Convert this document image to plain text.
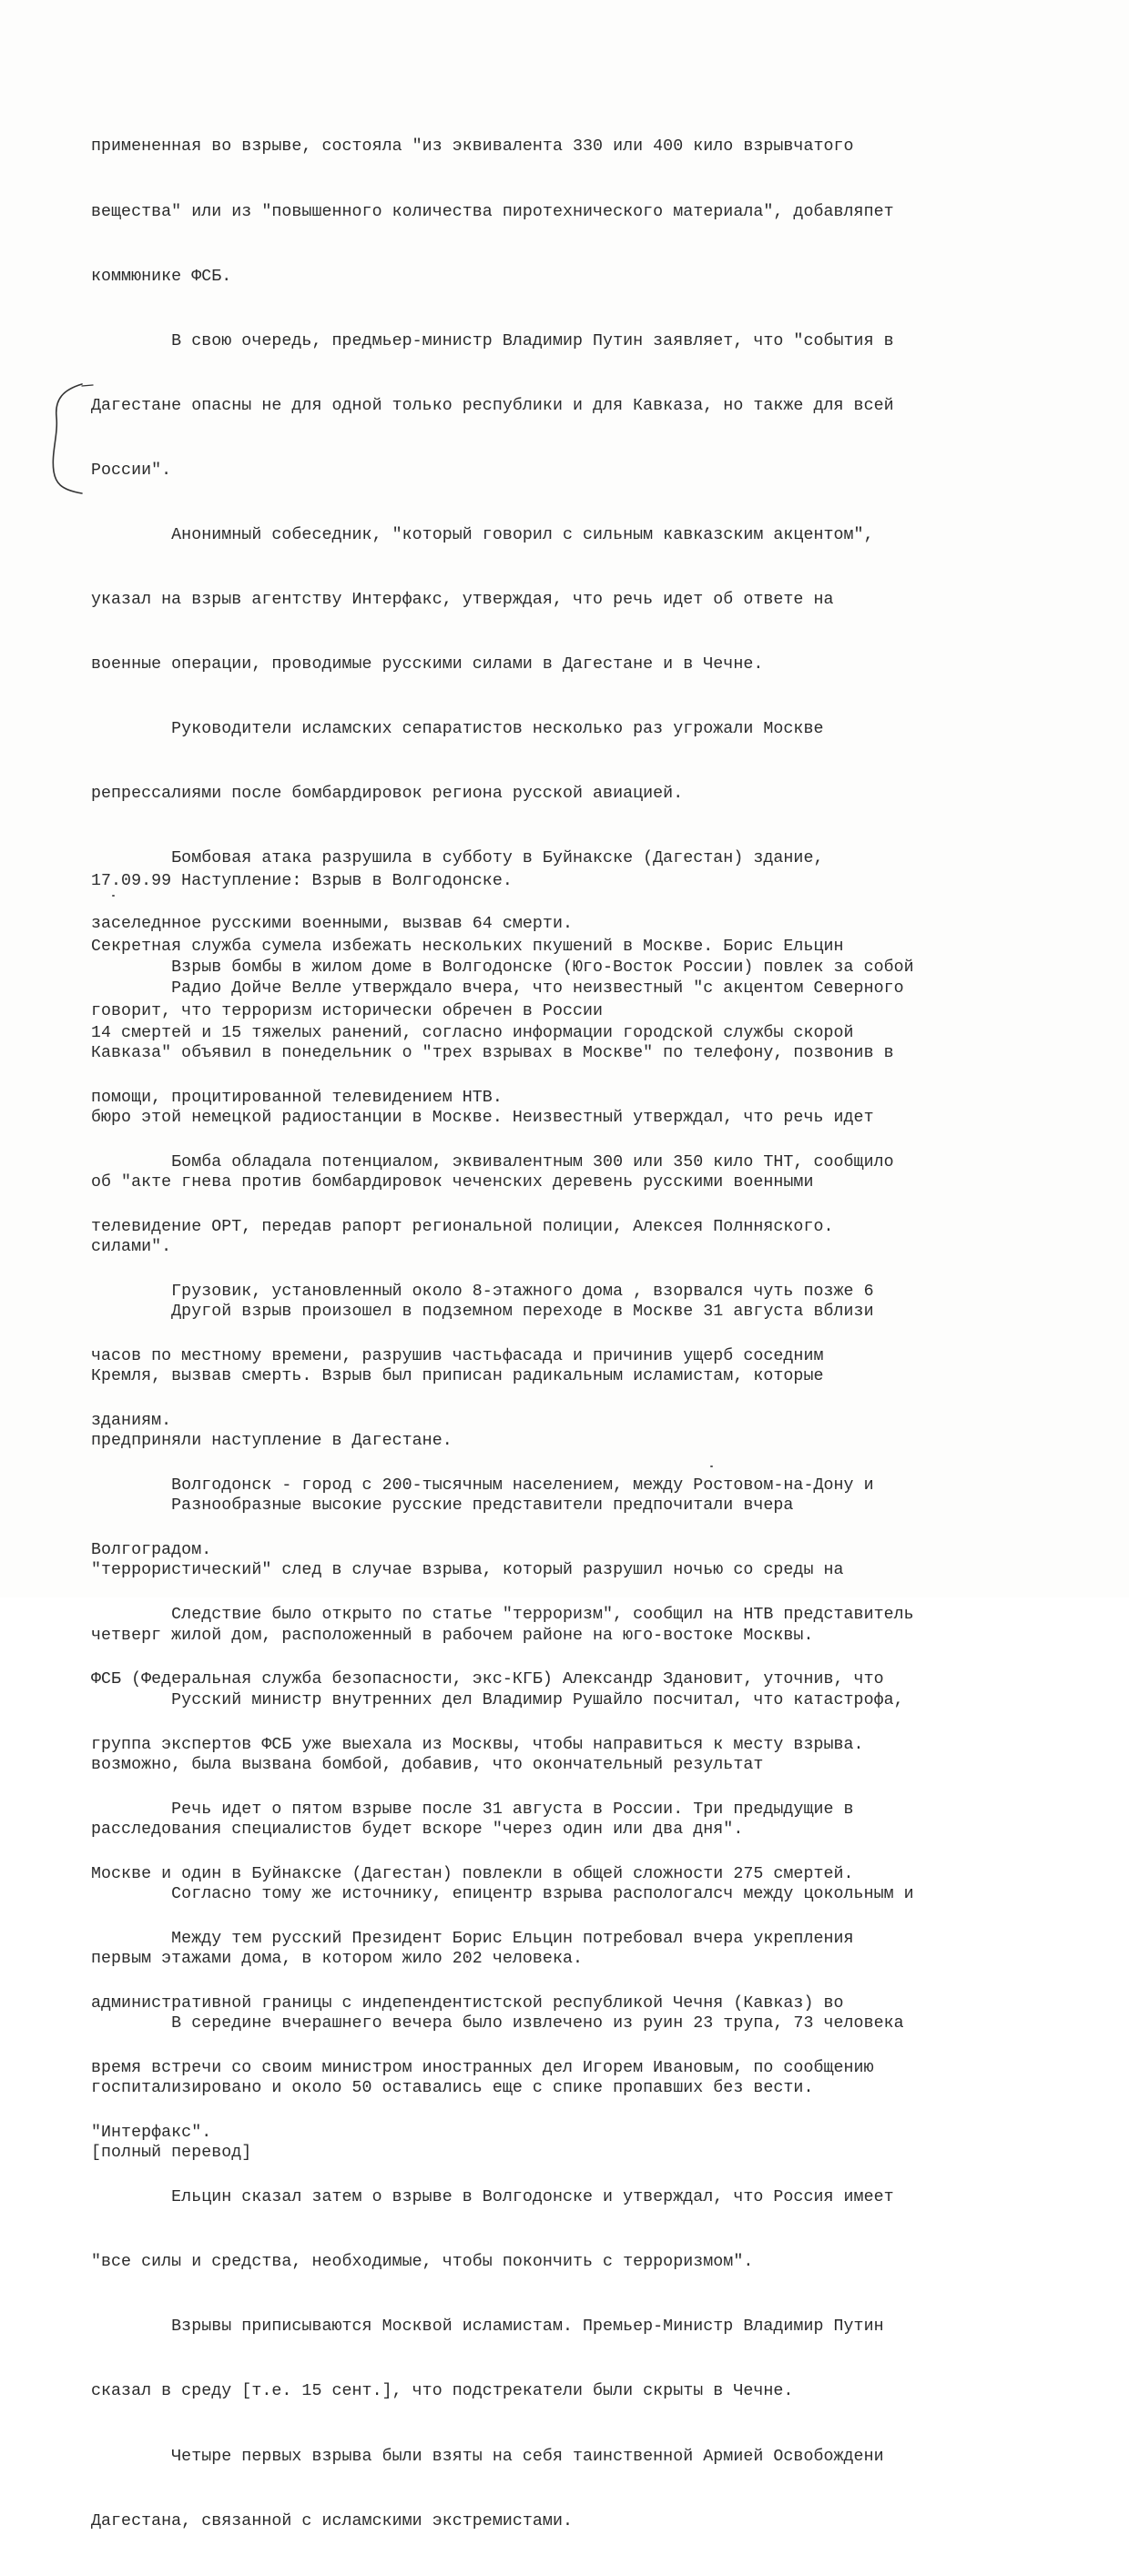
примененная во взрыве, состояла "из эквивалента 330 или 400 кило взрывчатого

вещества" или из "повышенного количества пиротехнического материала", добавляпет

коммюнике ФСБ.

В свою очередь, предмьер-министр Владимир Путин заявляет, что "события в

Дагестане опасны не для одной только республики и для Кавказа, но также для всей

России".

Анонимный собеседник, "который говорил с сильным кавказским акцентом",

указал на взрыв агентству Интерфакс, утверждая, что речь идет об ответе на

военные операции, проводимые русскими силами в Дагестане и в Чечне.

Руководители исламских сепаратистов несколько раз угрожали Москве

репрессалиями после бомбардировок региона русской авиацией.

Бомбовая атака разрушила в субботу в Буйнакске (Дагестан) здание,

заселеднное русскими военными, вызвав 64 смерти.

Радио Дойче Велле утверждало вчера, что неизвестный "с акцентом Северного

Кавказа" объявил в понедельник о "трех взрывах в Москве" по телефону, позвонив в

бюро этой немецкой радиостанции в Москве. Неизвестный утверждал, что речь идет

об "акте гнева против бомбардировок чеченских деревень русскими военными

силами".

Другой взрыв произошел в подземном переходе в Москве 31 августа вблизи

Кремля, вызвав смерть. Взрыв был приписан радикальным исламистам, которые

предприняли наступление в Дагестане.

Разнообразные высокие русские представители предпочитали вчера

"террористический" след в случае взрыва, который разрушил ночью со среды на

четверг жилой дом, расположенный в рабочем районе на юго-востоке Москвы.

Русский министр внутренних дел Владимир Рушайло посчитал, что катастрофа,

возможно, была вызвана бомбой, добавив, что окончательный результат

расследования специалистов будет вскоре "через один или два дня".

Согласно тому же источнику, епицентр взрыва распологалсч между цокольным и

первым этажами дома, в котором жило 202 человека.

В середине вчерашнего вечера было извлечено из руин 23 трупа, 73 человека

госпитализировано и около 50 оставались еще с спике пропавших без вести.

[полный перевод]

17.09.99 Наступление: Взрыв в Волгодонске.

Секретная служба сумела избежать нескольких пкушений в Москве. Борис Ельцин

говорит, что терроризм исторически обречен в России

Взрыв бомбы в жилом доме в Волгодонске (Юго-Восток России) повлек за собой

14 смертей и 15 тяжелых ранений, согласно информации городской службы скорой

помощи, процитированной телевидением НТВ.

Бомба обладала потенциалом, эквивалентным 300 или 350 кило ТНТ, сообщило

телевидение ОРТ, передав рапорт региональной полиции, Алексея Полнняского.

Грузовик, установленный около 8-этажного дома , взорвался чуть позже 6

часов по местному времени, разрушив частьфасада и причинив ущерб соседним

зданиям.

Волгодонск - город с 200-тысячным населением, между Ростовом-на-Дону и

Волгоградом.

Следствие было открыто по статье "терроризм", сообщил на НТВ представитель

ФСБ (Федеральная служба безопасности, экс-КГБ) Александр Здановит, уточнив, что

группа экспертов ФСБ уже выехала из Москвы, чтобы направиться к месту взрыва.

Речь идет о пятом взрыве после 31 августа в России. Три предыдущие в

Москве и один в Буйнакске (Дагестан) повлекли в общей сложности 275 смертей.

Между тем русский Президент Борис Ельцин потребовал вчера укрепления

административной границы с индепендентистской республикой Чечня (Кавказ) во

время встречи со своим министром иностранных дел Игорем Ивановым, по сообщению

"Интерфакс".

Ельцин сказал затем о взрыве в Волгодонске и утверждал, что Россия имеет

"все силы и средства, необходимые, чтобы покончить с терроризмом".

Взрывы приписываются Москвой исламистам. Премьер-Министр Владимир Путин

сказал в среду [т.е. 15 сент.], что подстрекатели были скрыты в Чечне.

Четыре первых взрыва были взяты на себя таинственной Армией Освобождени

Дагестана, связанной с исламскими экстремистами.
